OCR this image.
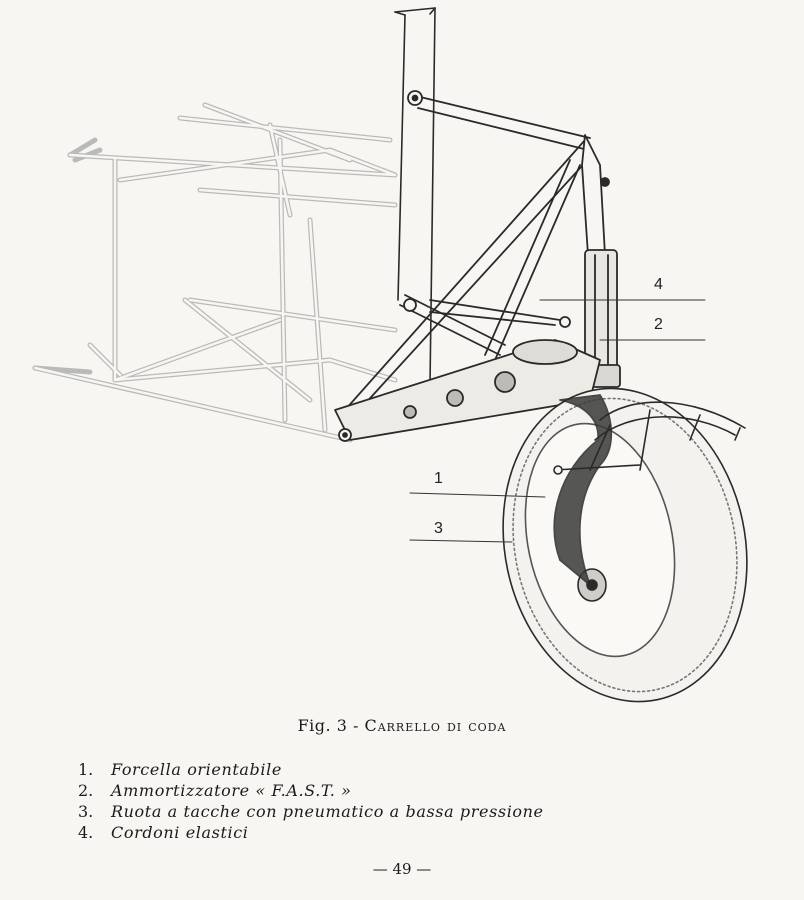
4
2
1
3
Fig. 3 - Carrello di coda
1.	Forcella orientabile
2.	Ammortizzatore « F.A.S.T. »
3.	Ruota a tacche con pneumatico a bassa pressione
4.	Cordoni elastici
— 49 —
